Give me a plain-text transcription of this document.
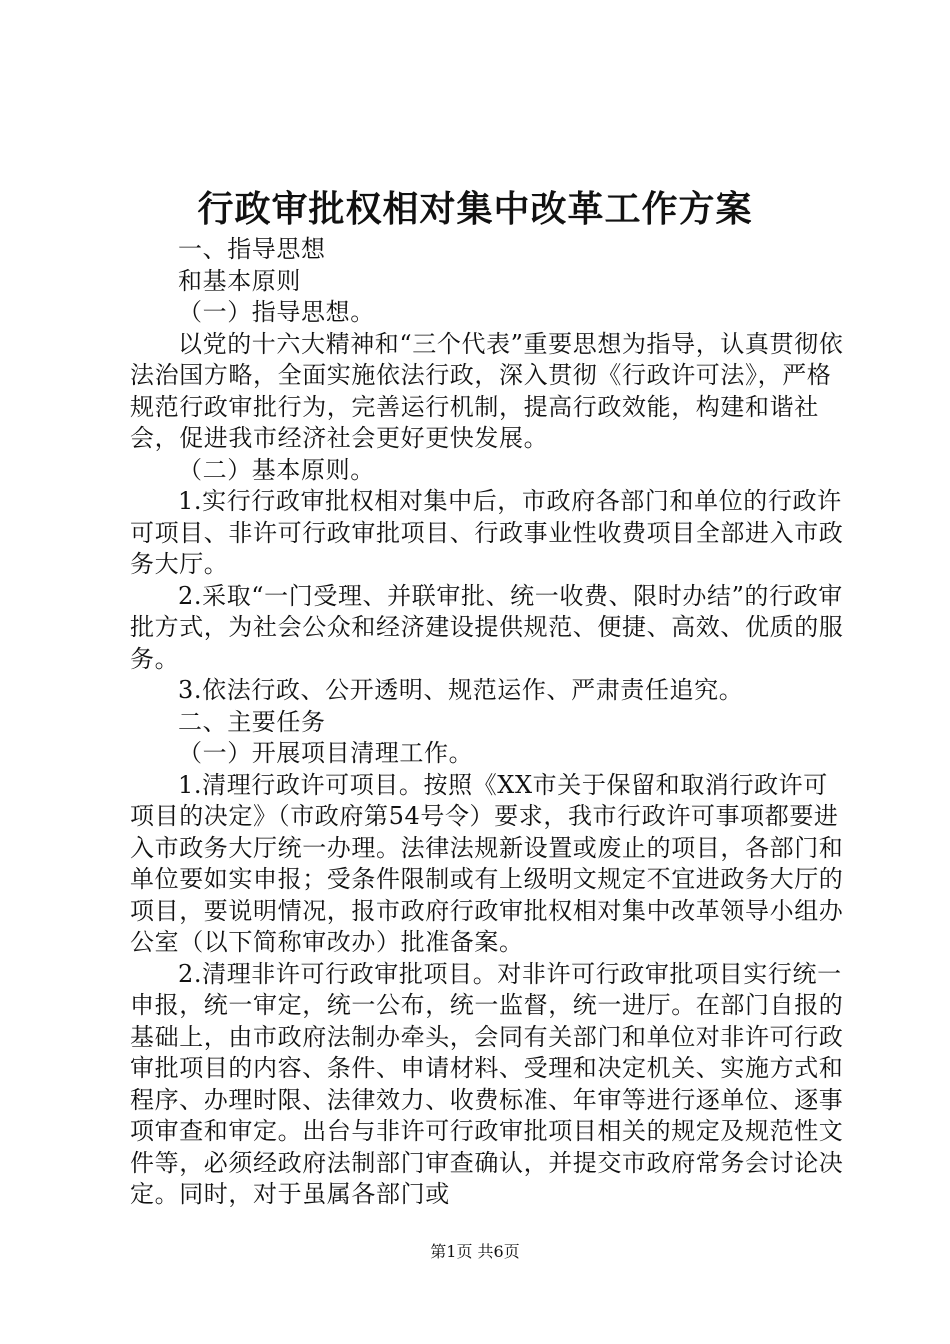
行政审批权相对集中改革工作方案

一、指导思想

和基本原则

（一）指导思想。

以党的十六大精神和“三个代表”重要思想为指导，认真贯彻依法治国方略，全面实施依法行政，深入贯彻《行政许可法》，严格规范行政审批行为，完善运行机制，提高行政效能，构建和谐社会，促进我市经济社会更好更快发展。

（二）基本原则。

1.实行行政审批权相对集中后，市政府各部门和单位的行政许可项目、非许可行政审批项目、行政事业性收费项目全部进入市政务大厅。

2.采取“一门受理、并联审批、统一收费、限时办结”的行政审批方式，为社会公众和经济建设提供规范、便捷、高效、优质的服务。

3.依法行政、公开透明、规范运作、严肃责任追究。

二、主要任务

（一）开展项目清理工作。

1.清理行政许可项目。按照《XX市关于保留和取消行政许可项目的决定》（市政府第54号令）要求，我市行政许可事项都要进入市政务大厅统一办理。法律法规新设置或废止的项目，各部门和单位要如实申报；受条件限制或有上级明文规定不宜进政务大厅的项目，要说明情况，报市政府行政审批权相对集中改革领导小组办公室（以下简称审改办）批准备案。

2.清理非许可行政审批项目。对非许可行政审批项目实行统一申报，统一审定，统一公布，统一监督，统一进厅。在部门自报的基础上，由市政府法制办牵头，会同有关部门和单位对非许可行政审批项目的内容、条件、申请材料、受理和决定机关、实施方式和程序、办理时限、法律效力、收费标准、年审等进行逐单位、逐事项审查和审定。出台与非许可行政审批项目相关的规定及规范性文件等，必须经政府法制部门审查确认，并提交市政府常务会讨论决定。同时，对于虽属各部门或

第1页 共6页
